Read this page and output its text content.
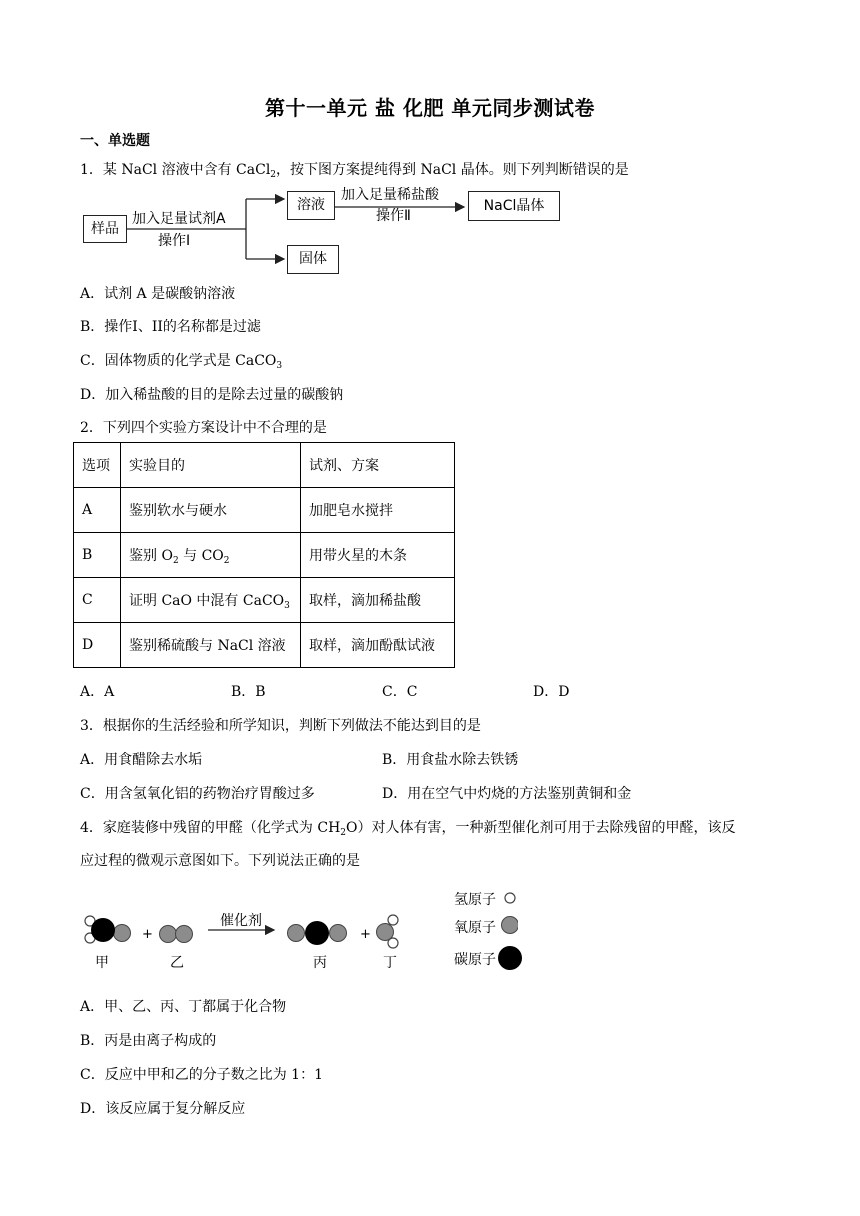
第十一单元 盐 化肥 单元同步测试卷
一、单选题
1．某 NaCl 溶液中含有 CaCl$_2$，按下图方案提纯得到 NaCl 晶体。则下列判断错误的是
样品
加入足量试剂A
操作Ⅰ
溶液
固体
加入足量稀盐酸
操作Ⅱ
NaCl晶体
A．试剂 A 是碳酸钠溶液
B．操作I、II的名称都是过滤
C．固体物质的化学式是 CaCO$_3$
D．加入稀盐酸的目的是除去过量的碳酸钠
2．下列四个实验方案设计中不合理的是
选项	实验目的	试剂、方案
A	鉴别软水与硬水	加肥皂水搅拌
B	鉴别 $O_2$ 与 $CO_2$	用带火星的木条
C	证明 CaO 中混有 CaCO$_3$	取样，滴加稀盐酸
D	鉴别稀硫酸与 NaCl 溶液	取样，滴加酚酞试液
A．A	B．B	C．C	D．D
3．根据你的生活经验和所学知识，判断下列做法不能达到目的是
A．用食醋除去水垢	B．用食盐水除去铁锈
C．用含氢氧化铝的药物治疗胃酸过多	D．用在空气中灼烧的方法鉴别黄铜和金
4．家庭装修中残留的甲醛（化学式为 $CH_2O$）对人体有害，一种新型催化剂可用于去除残留的甲醛，该反
应过程的微观示意图如下。下列说法正确的是
+	+
催化剂
甲	乙	丙	丁
氢原子
氧原子
碳原子
A．甲、乙、丙、丁都属于化合物
B．丙是由离子构成的
C．反应中甲和乙的分子数之比为 1：1
D．该反应属于复分解反应
